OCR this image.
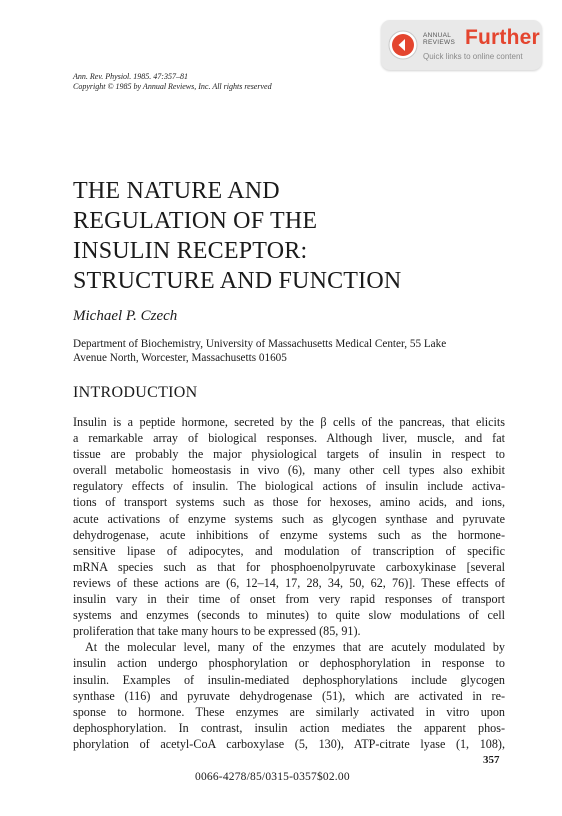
ANNUAL
REVIEWS Further
Quick links to online content
Ann. Rev. Physiol. 1985. 47:357–81
Copyright © 1985 by Annual Reviews, Inc. All rights reserved
THE NATURE AND
REGULATION OF THE
INSULIN RECEPTOR:
STRUCTURE AND FUNCTION
Michael P. Czech
Department of Biochemistry, University of Massachusetts Medical Center, 55 Lake
Avenue North, Worcester, Massachusetts 01605
INTRODUCTION
Insulin is a peptide hormone, secreted by the β cells of the pancreas, that elicits
a remarkable array of biological responses. Although liver, muscle, and fat
tissue are probably the major physiological targets of insulin in respect to
overall metabolic homeostasis in vivo (6), many other cell types also exhibit
regulatory effects of insulin. The biological actions of insulin include activa-
tions of transport systems such as those for hexoses, amino acids, and ions,
acute activations of enzyme systems such as glycogen synthase and pyruvate
dehydrogenase, acute inhibitions of enzyme systems such as the hormone-
sensitive lipase of adipocytes, and modulation of transcription of specific
mRNA species such as that for phosphoenolpyruvate carboxykinase [several
reviews of these actions are (6, 12–14, 17, 28, 34, 50, 62, 76)]. These effects of
insulin vary in their time of onset from very rapid responses of transport
systems and enzymes (seconds to minutes) to quite slow modulations of cell
proliferation that take many hours to be expressed (85, 91).
At the molecular level, many of the enzymes that are acutely modulated by
insulin action undergo phosphorylation or dephosphorylation in response to
insulin. Examples of insulin-mediated dephosphorylations include glycogen
synthase (116) and pyruvate dehydrogenase (51), which are activated in re-
sponse to hormone. These enzymes are similarly activated in vitro upon
dephosphorylation. In contrast, insulin action mediates the apparent phos-
phorylation of acetyl-CoA carboxylase (5, 130), ATP-citrate lyase (1, 108),
357
0066-4278/85/0315-0357$02.00
